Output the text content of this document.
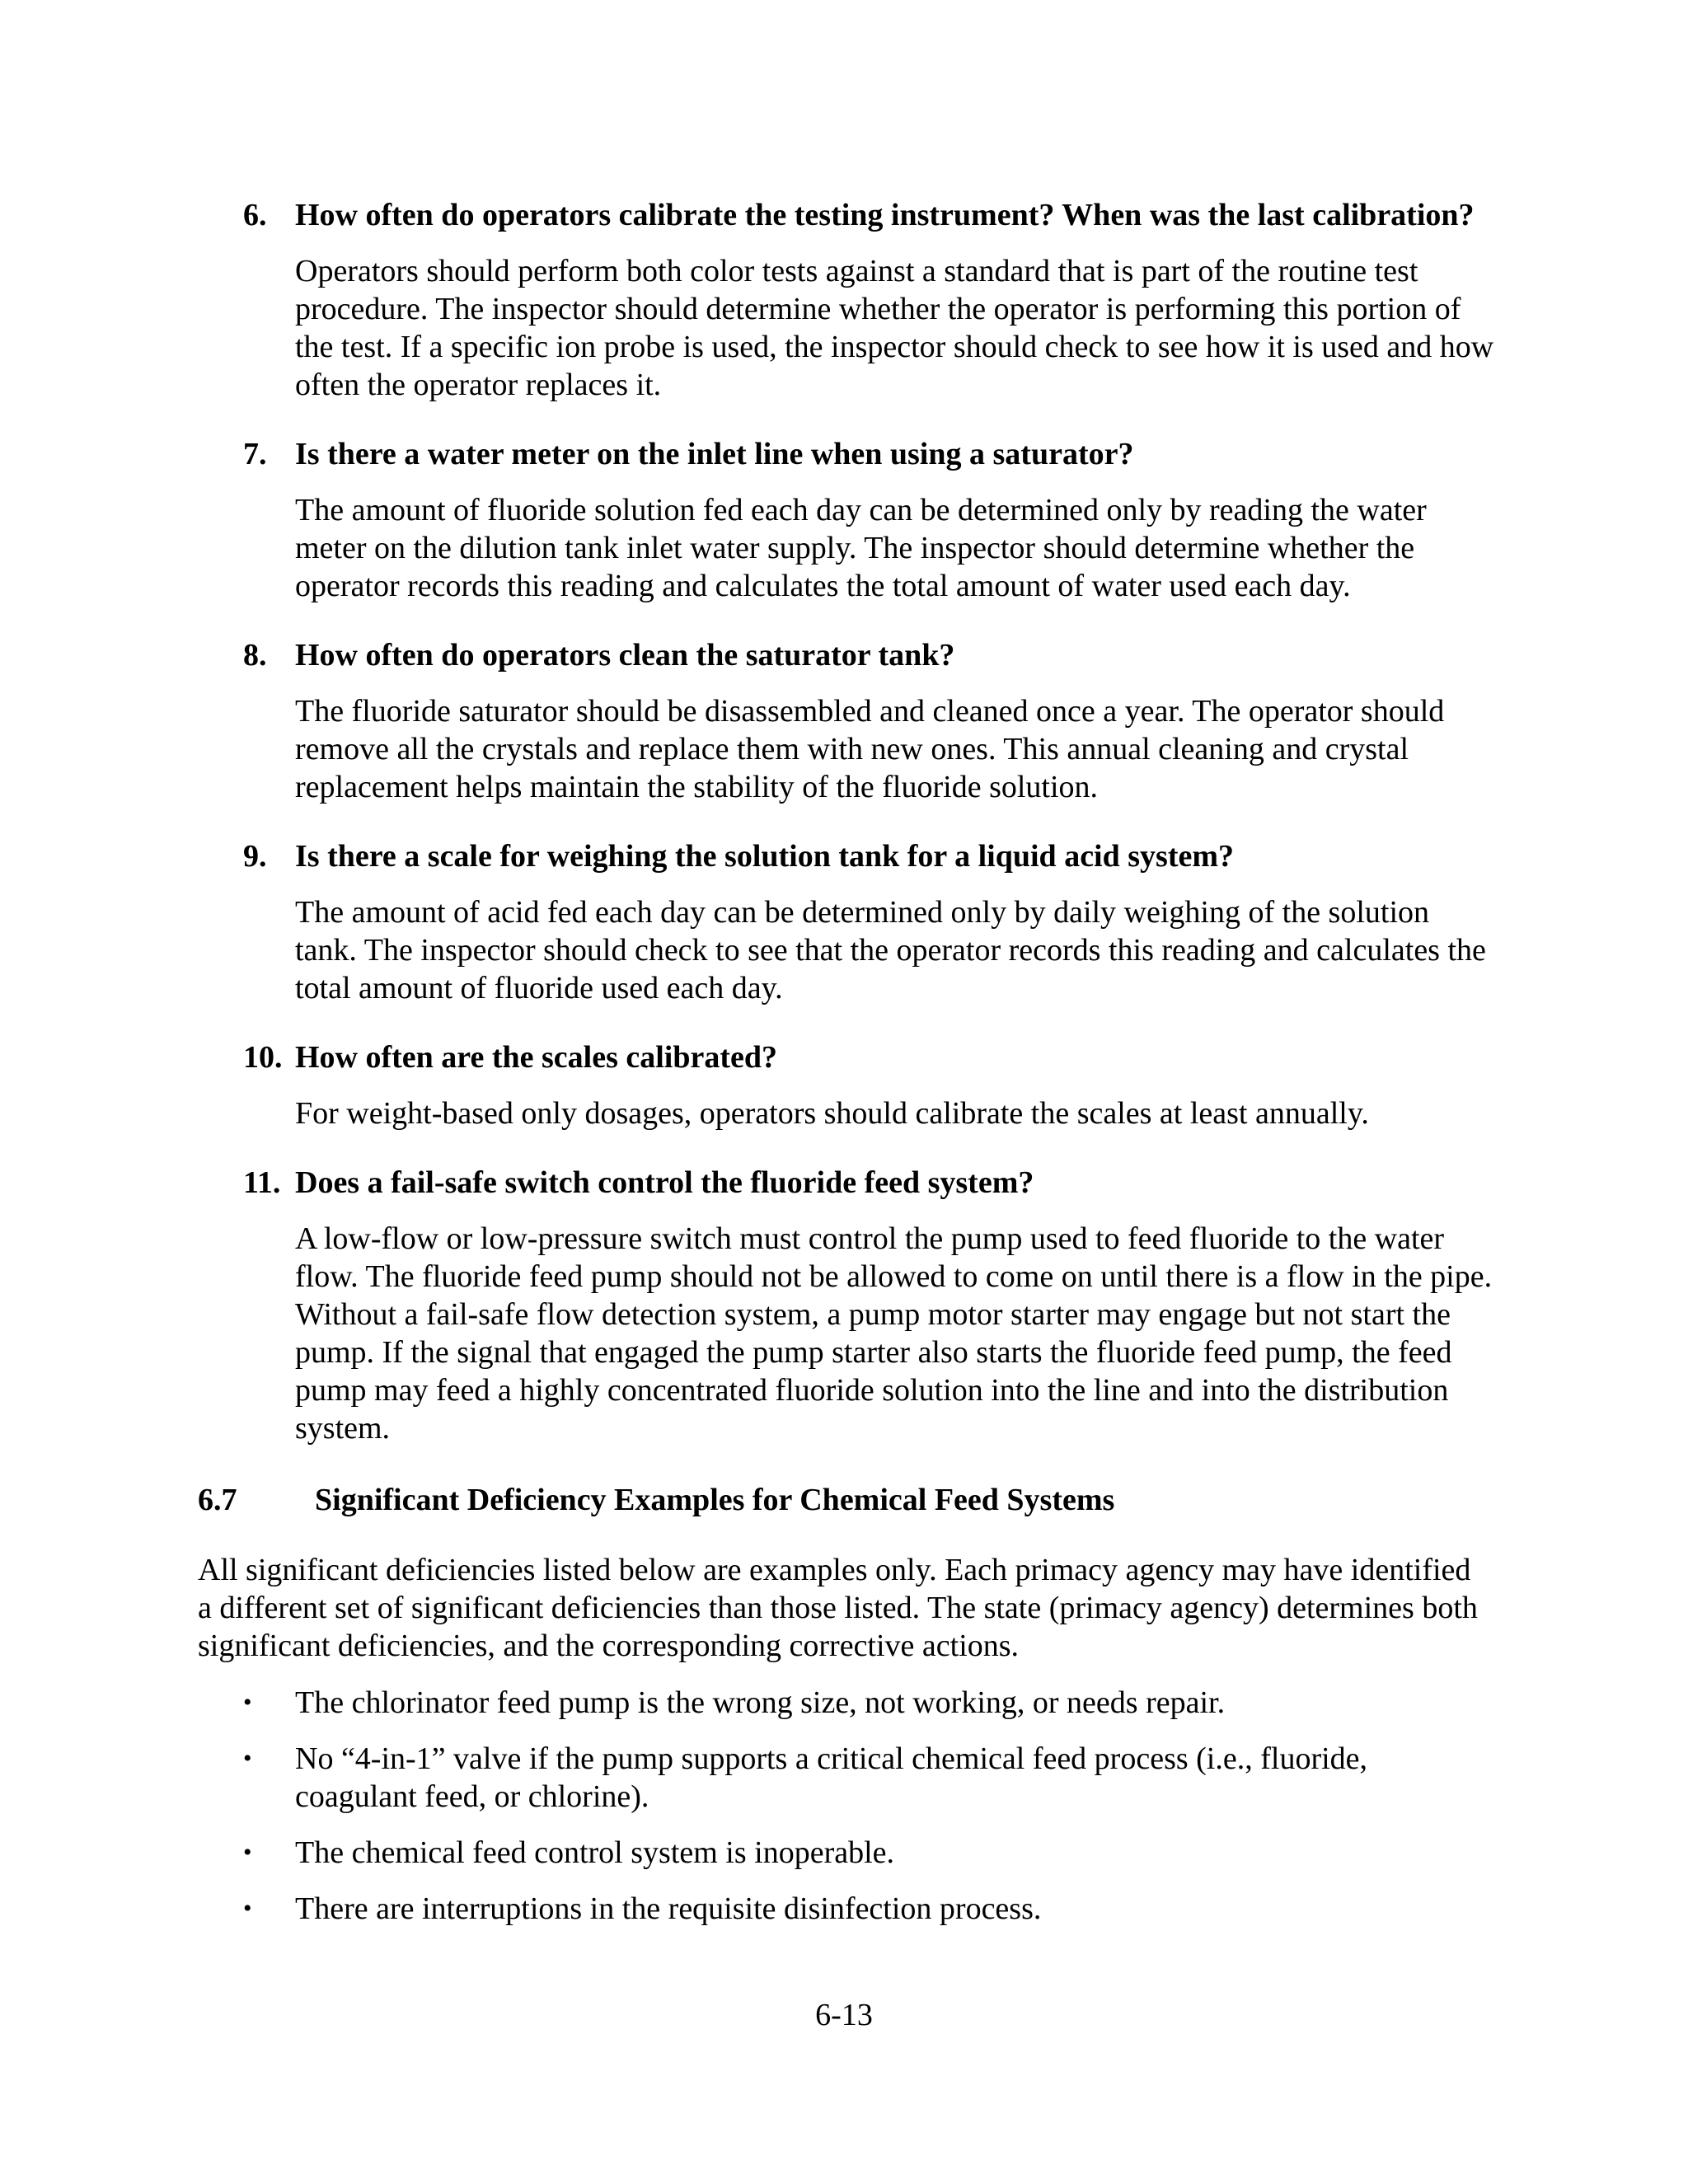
6. How often do operators calibrate the testing instrument? When was the last calibration?

Operators should perform both color tests against a standard that is part of the routine test procedure. The inspector should determine whether the operator is performing this portion of the test. If a specific ion probe is used, the inspector should check to see how it is used and how often the operator replaces it.

7. Is there a water meter on the inlet line when using a saturator?

The amount of fluoride solution fed each day can be determined only by reading the water meter on the dilution tank inlet water supply. The inspector should determine whether the operator records this reading and calculates the total amount of water used each day.

8. How often do operators clean the saturator tank?

The fluoride saturator should be disassembled and cleaned once a year. The operator should remove all the crystals and replace them with new ones. This annual cleaning and crystal replacement helps maintain the stability of the fluoride solution.

9. Is there a scale for weighing the solution tank for a liquid acid system?

The amount of acid fed each day can be determined only by daily weighing of the solution tank. The inspector should check to see that the operator records this reading and calculates the total amount of fluoride used each day.

10. How often are the scales calibrated?

For weight-based only dosages, operators should calibrate the scales at least annually.

11. Does a fail-safe switch control the fluoride feed system?

A low-flow or low-pressure switch must control the pump used to feed fluoride to the water flow. The fluoride feed pump should not be allowed to come on until there is a flow in the pipe. Without a fail-safe flow detection system, a pump motor starter may engage but not start the pump. If the signal that engaged the pump starter also starts the fluoride feed pump, the feed pump may feed a highly concentrated fluoride solution into the line and into the distribution system.

6.7	Significant Deficiency Examples for Chemical Feed Systems

All significant deficiencies listed below are examples only. Each primacy agency may have identified a different set of significant deficiencies than those listed. The state (primacy agency) determines both significant deficiencies, and the corresponding corrective actions.

•	The chlorinator feed pump is the wrong size, not working, or needs repair.
•	No “4-in-1” valve if the pump supports a critical chemical feed process (i.e., fluoride, coagulant feed, or chlorine).
•	The chemical feed control system is inoperable.
•	There are interruptions in the requisite disinfection process.
6-13
